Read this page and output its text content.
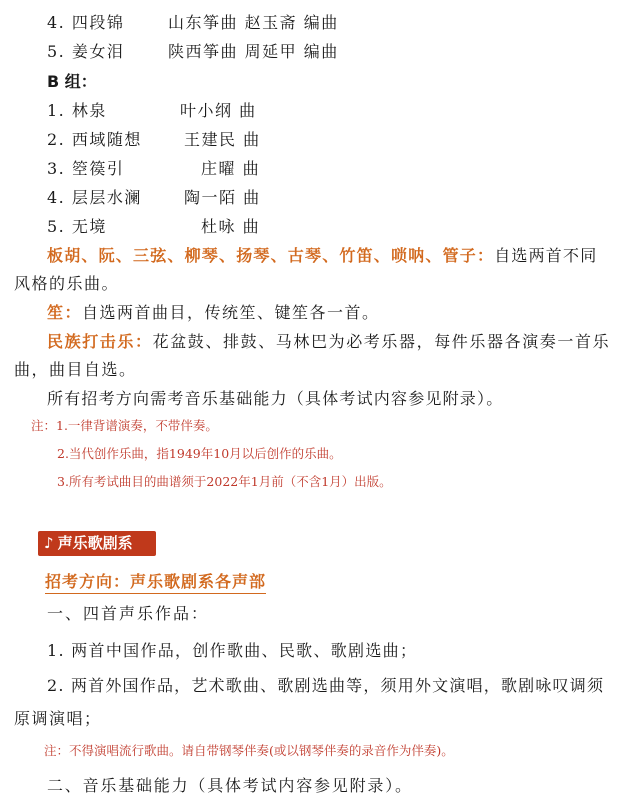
4. 四段锦	山东筝曲 赵玉斋 编曲
5. 姜女泪	陕西筝曲 周延甲 编曲
B 组：
1. 林泉	叶小纲 曲
2. 西域随想	王建民 曲
3. 箜篌引	庄曜 曲
4. 层层水澜	陶一陌 曲
5. 无境	杜咏 曲
板胡、阮、三弦、柳琴、扬琴、古琴、竹笛、唢呐、管子：自选两首不同
风格的乐曲。
笙：自选两首曲目，传统笙、键笙各一首。
民族打击乐：花盆鼓、排鼓、马林巴为必考乐器，每件乐器各演奏一首乐
曲，曲目自选。
所有招考方向需考音乐基础能力（具体考试内容参见附录）。
注：1.一律背谱演奏，不带伴奏。
2.当代创作乐曲，指1949年10月以后创作的乐曲。
3.所有考试曲目的曲谱须于2022年1月前（不含1月）出版。
♪ 声乐歌剧系
招考方向：声乐歌剧系各声部
一、四首声乐作品：
1. 两首中国作品，创作歌曲、民歌、歌剧选曲；
2. 两首外国作品，艺术歌曲、歌剧选曲等，须用外文演唱，歌剧咏叹调须
原调演唱；
注：不得演唱流行歌曲。请自带钢琴伴奏(或以钢琴伴奏的录音作为伴奏)。
二、音乐基础能力（具体考试内容参见附录）。
